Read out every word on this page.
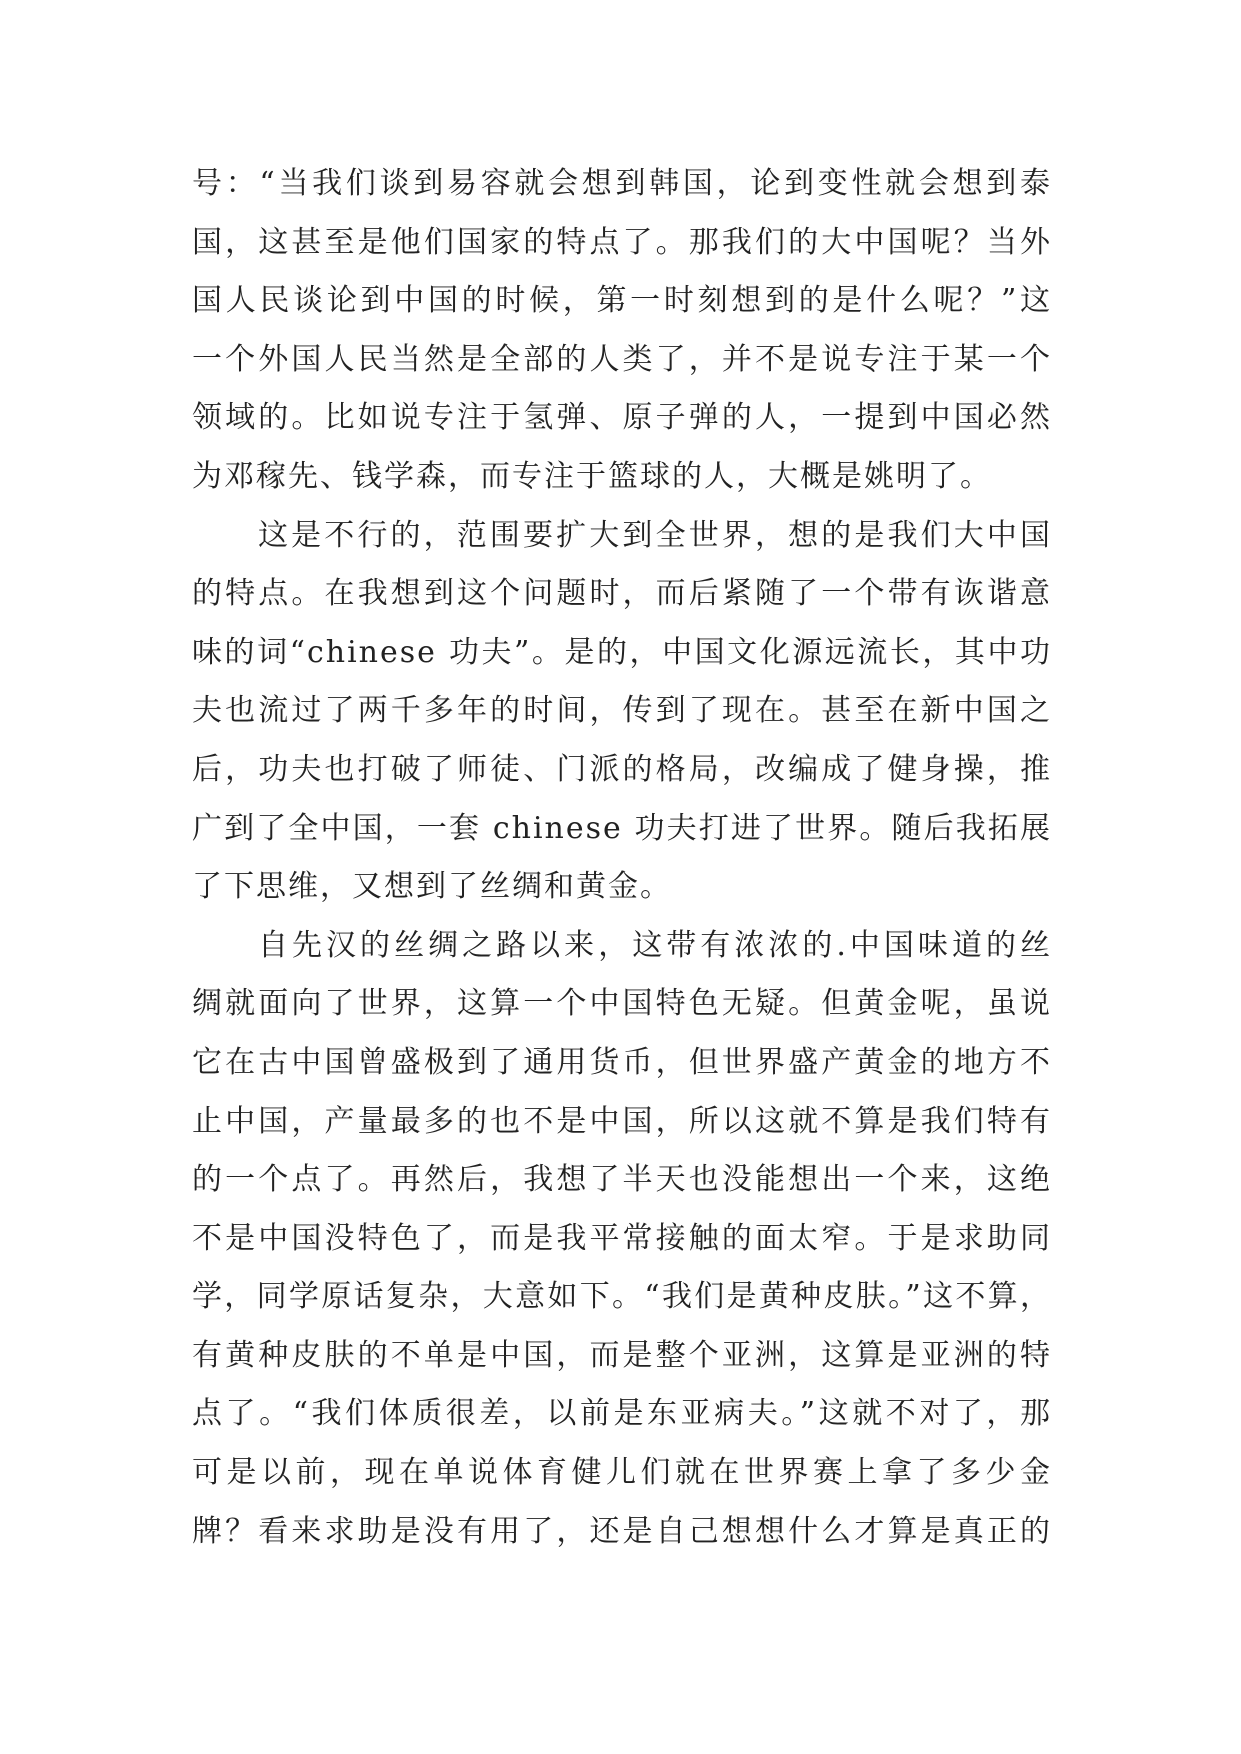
号：“当我们谈到易容就会想到韩国，论到变性就会想到泰
国，这甚至是他们国家的特点了。那我们的大中国呢？当外
国人民谈论到中国的时候，第一时刻想到的是什么呢？”这
一个外国人民当然是全部的人类了，并不是说专注于某一个
领域的。比如说专注于氢弹、原子弹的人，一提到中国必然
为邓稼先、钱学森，而专注于篮球的人，大概是姚明了。
这是不行的，范围要扩大到全世界，想的是我们大中国
的特点。在我想到这个问题时，而后紧随了一个带有诙谐意
味的词“chinese 功夫”。是的，中国文化源远流长，其中功
夫也流过了两千多年的时间，传到了现在。甚至在新中国之
后，功夫也打破了师徒、门派的格局，改编成了健身操，推
广到了全中国，一套 chinese 功夫打进了世界。随后我拓展
了下思维，又想到了丝绸和黄金。
自先汉的丝绸之路以来，这带有浓浓的.中国味道的丝
绸就面向了世界，这算一个中国特色无疑。但黄金呢，虽说
它在古中国曾盛极到了通用货币，但世界盛产黄金的地方不
止中国，产量最多的也不是中国，所以这就不算是我们特有
的一个点了。再然后，我想了半天也没能想出一个来，这绝
不是中国没特色了，而是我平常接触的面太窄。于是求助同
学，同学原话复杂，大意如下。“我们是黄种皮肤。”这不算，
有黄种皮肤的不单是中国，而是整个亚洲，这算是亚洲的特
点了。“我们体质很差，以前是东亚病夫。”这就不对了，那
可是以前，现在单说体育健儿们就在世界赛上拿了多少金
牌？看来求助是没有用了，还是自己想想什么才算是真正的
